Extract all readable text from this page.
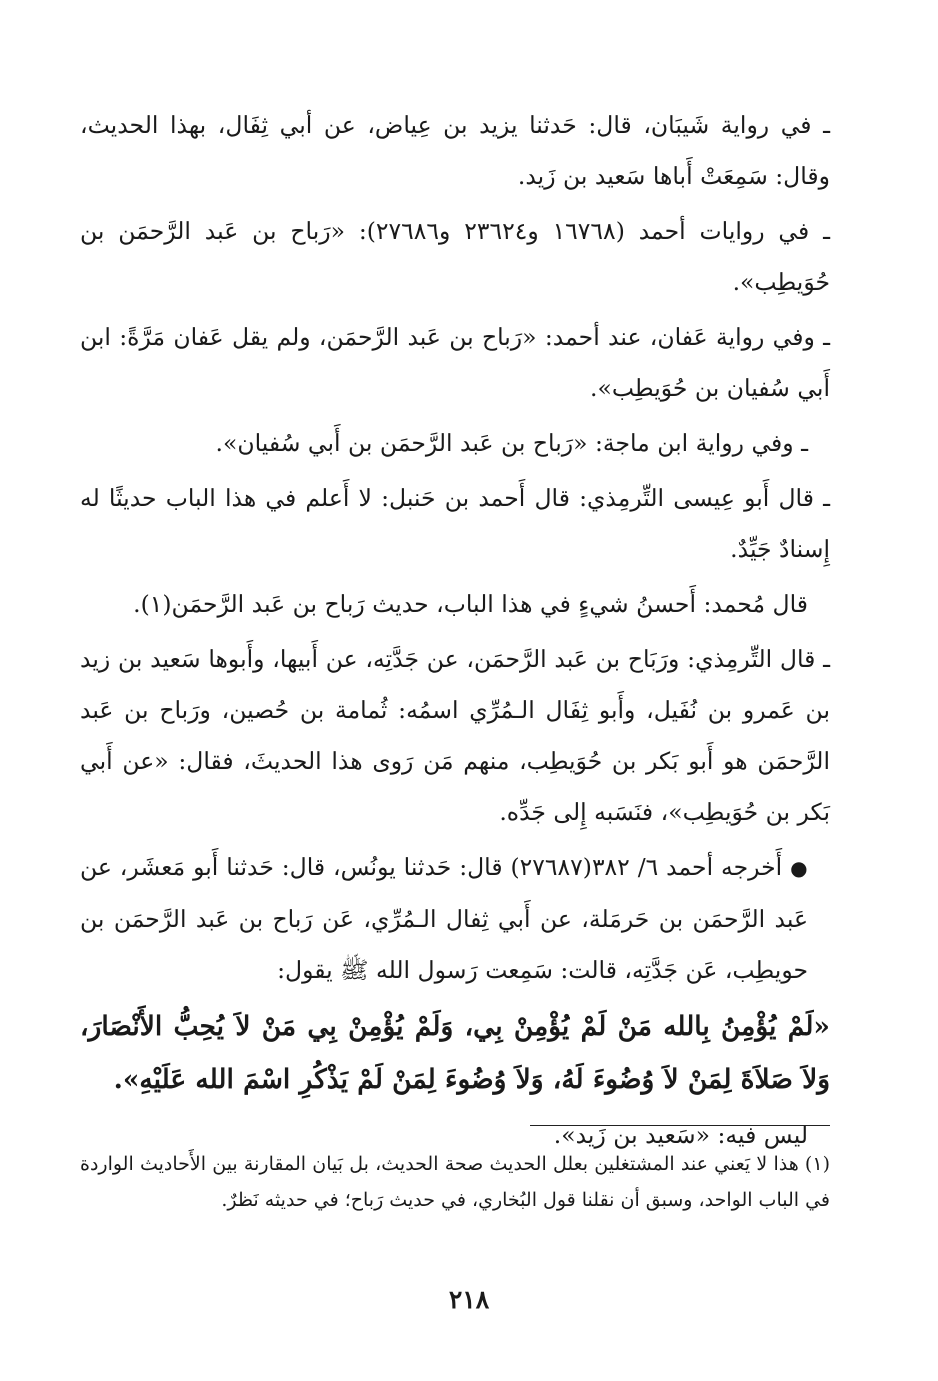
ـ في رواية شَيبَان، قال: حَدثنا يزيد بن عِياض، عن أبي ثِفَال، بهذا الحديث، وقال: سَمِعَتْ أَباها سَعيد بن زَيد.

ـ في روايات أحمد (١٦٧٦٨ و٢٣٦٢٤ و٢٧٦٨٦): «رَباح بن عَبد الرَّحمَن بن حُوَيطِب».

ـ وفي رواية عَفان، عند أحمد: «رَباح بن عَبد الرَّحمَن، ولم يقل عَفان مَرَّةً: ابن أَبي سُفيان بن حُوَيطِب».

ـ وفي رواية ابن ماجة: «رَباح بن عَبد الرَّحمَن بن أَبي سُفيان».

ـ قال أَبو عِيسى التِّرمِذي: قال أَحمد بن حَنبل: لا أَعلم في هذا الباب حديثًا له إِسنادٌ جَيِّدٌ.

قال مُحمد: أَحسنُ شيءٍ في هذا الباب، حديث رَباح بن عَبد الرَّحمَن(١).

ـ قال التِّرمِذي: ورَبَاح بن عَبد الرَّحمَن، عن جَدَّتِه، عن أَبيها، وأَبوها سَعيد بن زيد بن عَمرو بن نُفَيل، وأَبو ثِفَال الـمُرِّي اسمُه: ثُمامة بن حُصين، ورَباح بن عَبد الرَّحمَن هو أَبو بَكر بن حُوَيطِب، منهم مَن رَوى هذا الحديثَ، فقال: «عن أَبي بَكر بن حُوَيطِب»، فنَسَبه إِلى جَدِّه.

●أَخرجه أحمد ٦/ ٣٨٢(٢٧٦٨٧) قال: حَدثنا يونُس، قال: حَدثنا أَبو مَعشَر، عن عَبد الرَّحمَن بن حَرمَلة، عن أَبي ثِفال الـمُرِّي، عَن رَباح بن عَبد الرَّحمَن بن حويطِب، عَن جَدَّتِه، قالت: سَمِعت رَسول الله ﷺ يقول:

«لَمْ يُؤْمِنُ بِالله مَنْ لَمْ يُؤْمِنْ بِي، وَلَمْ يُؤْمِنْ بِي مَنْ لاَ يُحِبُّ الأَنْصَارَ، وَلاَ صَلاَةَ لِمَنْ لاَ وُضُوءَ لَهُ، وَلاَ وُضُوءَ لِمَنْ لَمْ يَذْكُرِ اسْمَ الله عَلَيْهِ».

ليس فيه: «سَعيد بن زَيد».

(١) هذا لا يَعني عند المشتغلين بعلل الحديث صحة الحديث، بل بَيان المقارنة بين الأَحاديث الواردة في الباب الواحد، وسبق أن نقلنا قول البُخاري، في حديث رَباح؛ في حديثه نَظرٌ.

٢١٨
